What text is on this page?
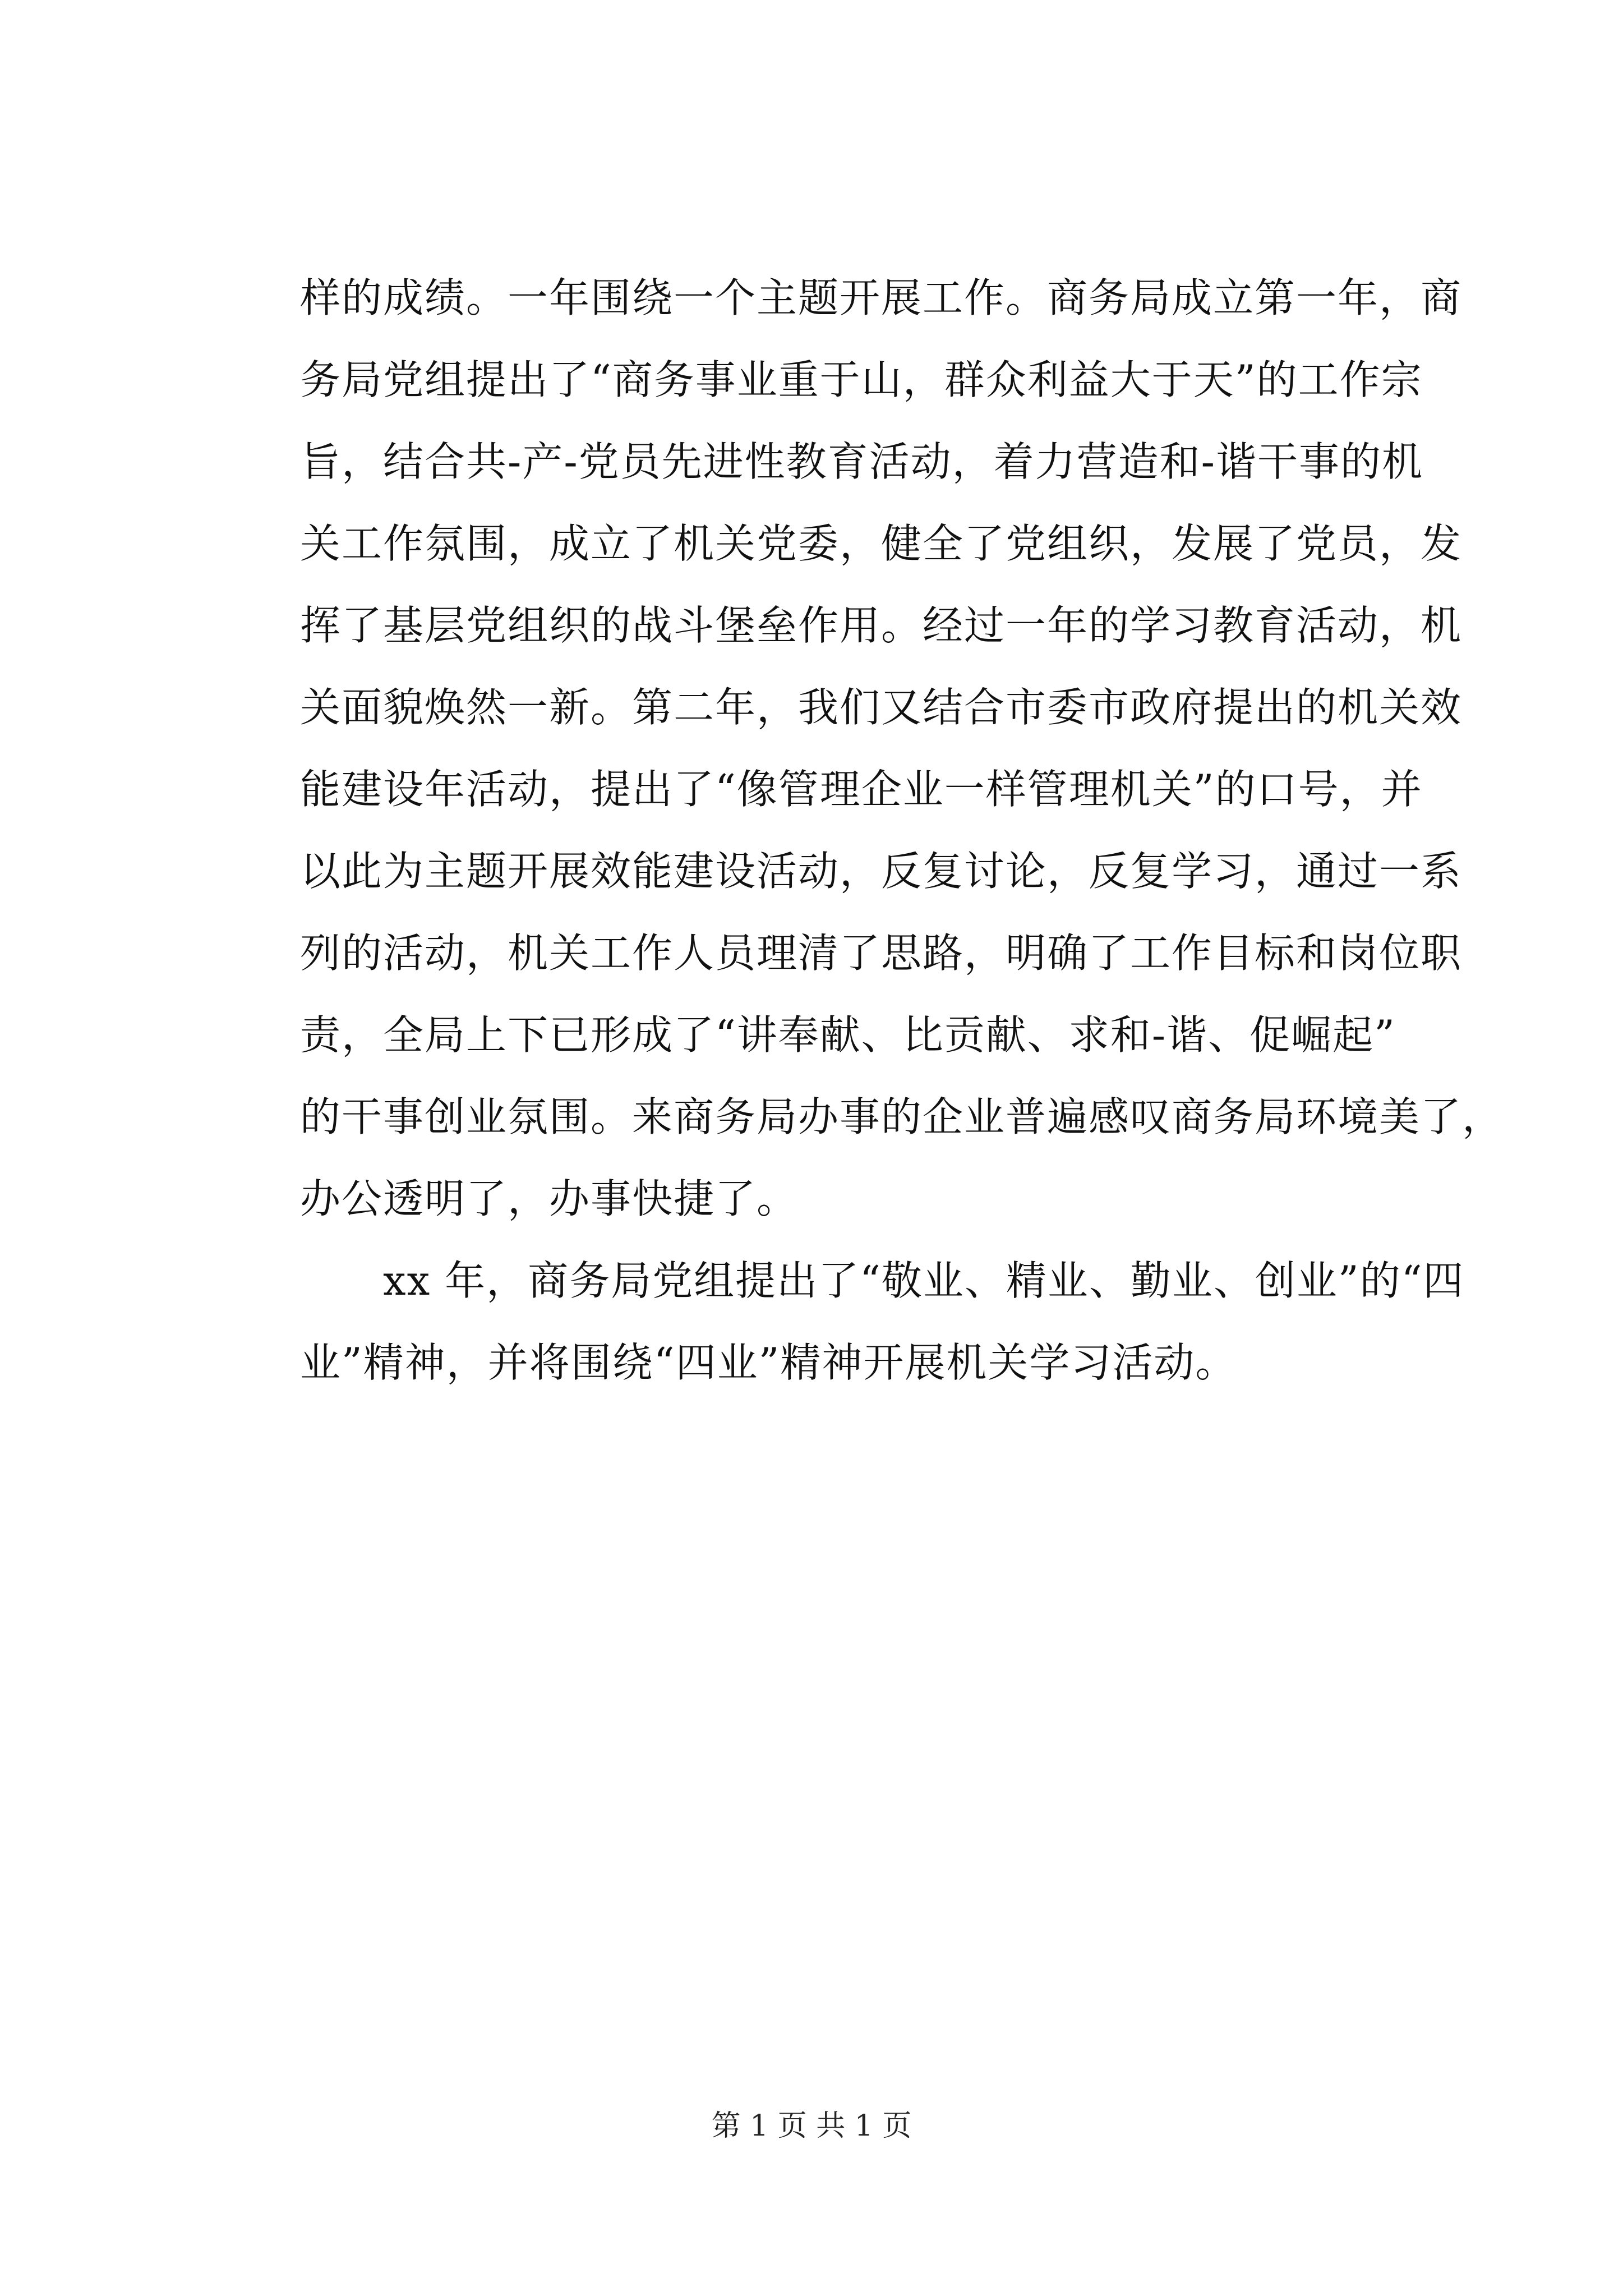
样的成绩。一年围绕一个主题开展工作。商务局成立第一年，商
务局党组提出了“商务事业重于山，群众利益大于天”的工作宗
旨，结合共-产-党员先进性教育活动，着力营造和-谐干事的机
关工作氛围，成立了机关党委，健全了党组织，发展了党员，发
挥了基层党组织的战斗堡垒作用。经过一年的学习教育活动，机
关面貌焕然一新。第二年，我们又结合市委市政府提出的机关效
能建设年活动，提出了“像管理企业一样管理机关”的口号，并
以此为主题开展效能建设活动，反复讨论，反复学习，通过一系
列的活动，机关工作人员理清了思路，明确了工作目标和岗位职
责，全局上下已形成了“讲奉献、比贡献、求和-谐、促崛起”
的干事创业氛围。来商务局办事的企业普遍感叹商务局环境美了，
办公透明了，办事快捷了。
　　xx 年，商务局党组提出了“敬业、精业、勤业、创业”的“四
业”精神，并将围绕“四业”精神开展机关学习活动。
第 1 页 共 1 页
